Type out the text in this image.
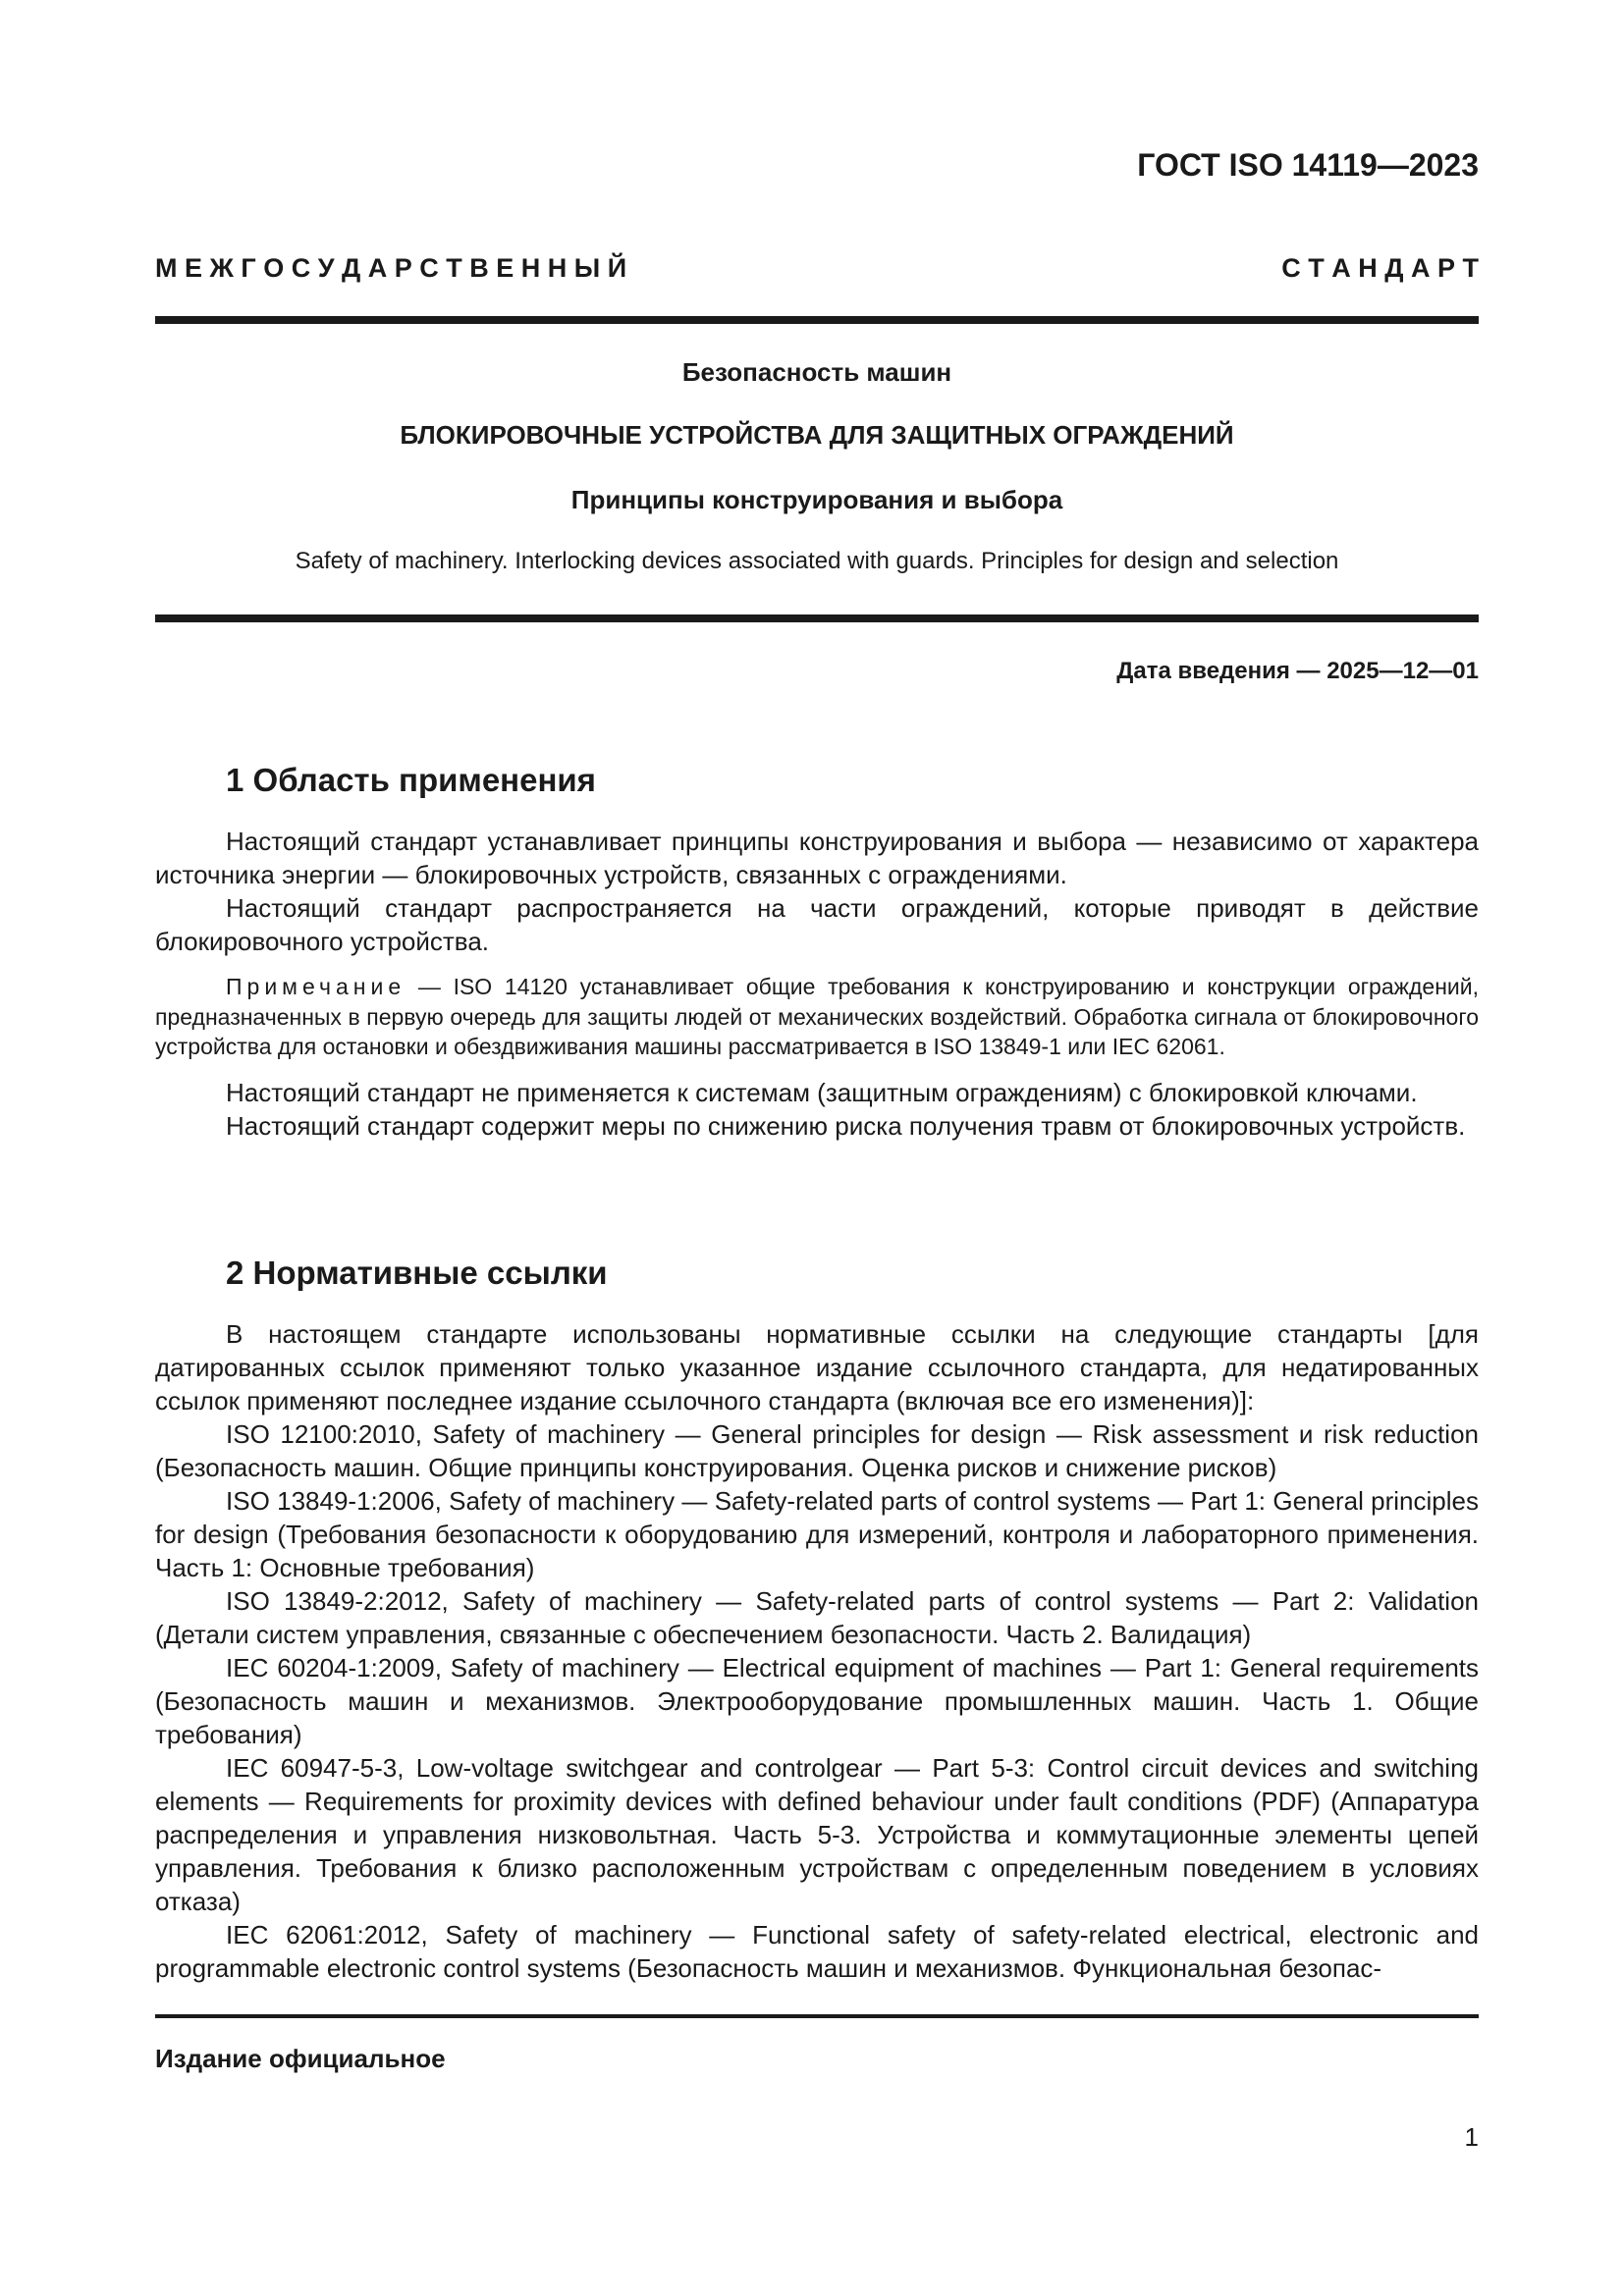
ГОСТ ISO 14119—2023
М Е Ж Г О С У Д А Р С Т В Е Н Н Ы Й	С Т А Н Д А Р Т
Безопасность машин
БЛОКИРОВОЧНЫЕ УСТРОЙСТВА ДЛЯ ЗАЩИТНЫХ ОГРАЖДЕНИЙ
Принципы конструирования и выбора
Safety of machinery. Interlocking devices associated with guards. Principles for design and selection
Дата введения — 2025—12—01
1 Область применения

Настоящий стандарт устанавливает принципы конструирования и выбора — независимо от характера источника энергии — блокировочных устройств, связанных с ограждениями.

Настоящий стандарт распространяется на части ограждений, которые приводят в действие блокировочного устройства.

Примечание — ISO 14120 устанавливает общие требования к конструированию и конструкции ограждений, предназначенных в первую очередь для защиты людей от механических воздействий. Обработка сигнала от блокировочного устройства для остановки и обездвиживания машины рассматривается в ISO 13849-1 или IEC 62061.

Настоящий стандарт не применяется к системам (защитным ограждениям) с блокировкой ключами.

Настоящий стандарт содержит меры по снижению риска получения травм от блокировочных устройств.

2 Нормативные ссылки

В настоящем стандарте использованы нормативные ссылки на следующие стандарты [для датированных ссылок применяют только указанное издание ссылочного стандарта, для недатированных ссылок применяют последнее издание ссылочного стандарта (включая все его изменения)]:

ISO 12100:2010, Safety of machinery — General principles for design — Risk assessment и risk reduction (Безопасность машин. Общие принципы конструирования. Оценка рисков и снижение рисков)

ISO 13849-1:2006, Safety of machinery — Safety-related parts of control systems — Part 1: General principles for design (Требования безопасности к оборудованию для измерений, контроля и лабораторного применения. Часть 1: Основные требования)

ISO 13849-2:2012, Safety of machinery — Safety-related parts of control systems — Part 2: Validation (Детали систем управления, связанные с обеспечением безопасности. Часть 2. Валидация)

IEC 60204-1:2009, Safety of machinery — Electrical equipment of machines — Part 1: General requirements (Безопасность машин и механизмов. Электрооборудование промышленных машин. Часть 1. Общие требования)

IEC 60947-5-3, Low-voltage switchgear and controlgear — Part 5-3: Control circuit devices and switching elements — Requirements for proximity devices with defined behaviour under fault conditions (PDF) (Аппаратура распределения и управления низковольтная. Часть 5-3. Устройства и коммутационные элементы цепей управления. Требования к близко расположенным устройствам с определенным поведением в условиях отказа)

IEC 62061:2012, Safety of machinery — Functional safety of safety-related electrical, electronic and programmable electronic control systems (Безопасность машин и механизмов. Функциональная безопас-

Издание официальное
1
